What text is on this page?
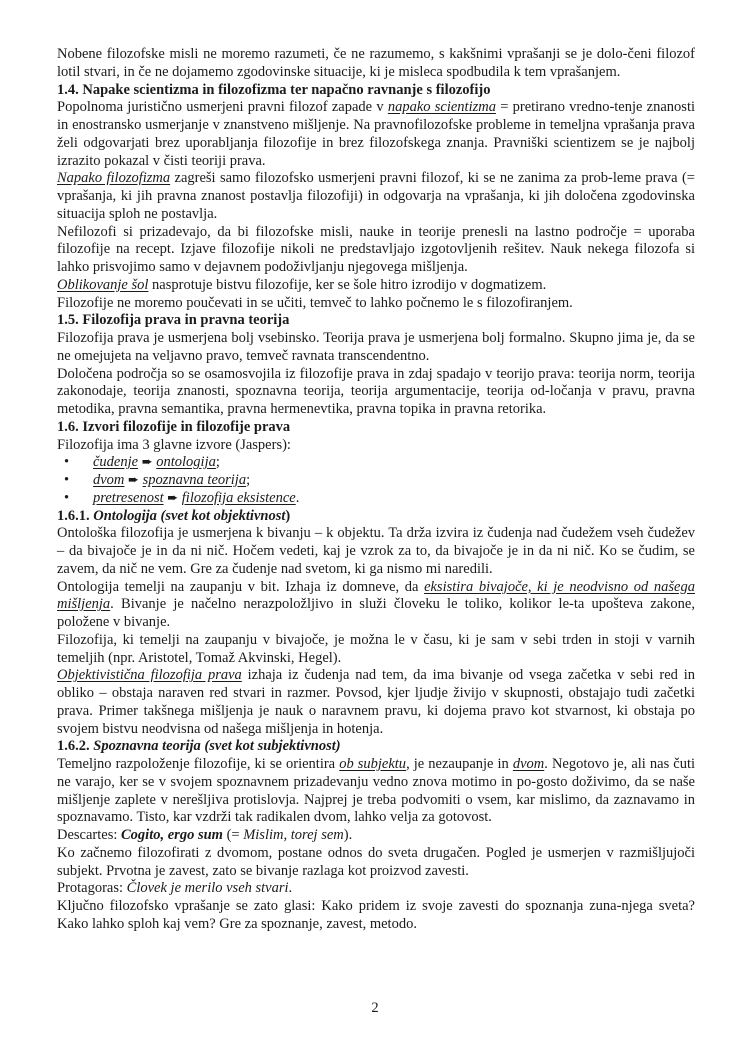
Nobene filozofske misli ne moremo razumeti, če ne razumemo, s kakšnimi vprašanji se je dolo-čeni filozof lotil stvari, in če ne dojamemo zgodovinske situacije, ki je misleca spodbudila k tem vprašanjem.

1.4. Napake scientizma in filozofizma ter napačno ravnanje s filozofijo

Popolnoma juristično usmerjeni pravni filozof zapade v napako scientizma = pretirano vredno-tenje znanosti in enostransko usmerjanje v znanstveno mišljenje. Na pravnofilozofske probleme in temeljna vprašanja prava želi odgovarjati brez uporabljanja filozofije in brez filozofskega znanja. Pravniški scientizem se je najbolj izrazito pokazal v čisti teoriji prava.

Napako filozofizma zagreši samo filozofsko usmerjeni pravni filozof, ki se ne zanima za prob-leme prava (= vprašanja, ki jih pravna znanost postavlja filozofiji) in odgovarja na vprašanja, ki jih določena zgodovinska situacija sploh ne postavlja.

Nefilozofi si prizadevajo, da bi filozofske misli, nauke in teorije prenesli na lastno področje = uporaba filozofije na recept. Izjave filozofije nikoli ne predstavljajo izgotovljenih rešitev. Nauk nekega filozofa si lahko prisvojimo samo v dejavnem podoživljanju njegovega mišljenja.

Oblikovanje šol nasprotuje bistvu filozofije, ker se šole hitro izrodijo v dogmatizem.

Filozofije ne moremo poučevati in se učiti, temveč to lahko počnemo le s filozofiranjem.

1.5. Filozofija prava in pravna teorija

Filozofija prava je usmerjena bolj vsebinsko. Teorija prava je usmerjena bolj formalno. Skupno jima je, da se ne omejujeta na veljavno pravo, temveč ravnata transcendentno.

Določena področja so se osamosvojila iz filozofije prava in zdaj spadajo v teorijo prava: teorija norm, teorija zakonodaje, teorija znanosti, spoznavna teorija, teorija argumentacije, teorija od-ločanja v pravu, pravna metodika, pravna semantika, pravna hermenevtika, pravna topika in pravna retorika.

1.6. Izvori filozofije in filozofije prava

Filozofija ima 3 glavne izvore (Jaspers):

• čudenje ➨ ontologija;
• dvom ➨ spoznavna teorija;
• pretresenost ➨ filozofija eksistence.

1.6.1. Ontologija (svet kot objektivnost)

Ontološka filozofija je usmerjena k bivanju – k objektu. Ta drža izvira iz čudenja nad čudežem vseh čudežev – da bivajoče je in da ni nič. Hočem vedeti, kaj je vzrok za to, da bivajoče je in da ni nič. Ko se čudim, se zavem, da nič ne vem. Gre za čudenje nad svetom, ki ga nismo mi naredili.

Ontologija temelji na zaupanju v bit. Izhaja iz domneve, da eksistira bivajoče, ki je neodvisno od našega mišljenja. Bivanje je načelno nerazpoložljivo in služi človeku le toliko, kolikor le-ta upošteva zakone, položene v bivanje.

Filozofija, ki temelji na zaupanju v bivajoče, je možna le v času, ki je sam v sebi trden in stoji v varnih temeljih (npr. Aristotel, Tomaž Akvinski, Hegel).

Objektivistična filozofija prava izhaja iz čudenja nad tem, da ima bivanje od vsega začetka v sebi red in obliko – obstaja naraven red stvari in razmer. Povsod, kjer ljudje živijo v skupnosti, obstajajo tudi začetki prava. Primer takšnega mišljenja je nauk o naravnem pravu, ki dojema pravo kot stvarnost, ki obstaja po svojem bistvu neodvisna od našega mišljenja in hotenja.

1.6.2. Spoznavna teorija (svet kot subjektivnost)

Temeljno razpoloženje filozofije, ki se orientira ob subjektu, je nezaupanje in dvom. Negotovo je, ali nas čuti ne varajo, ker se v svojem spoznavnem prizadevanju vedno znova motimo in po-gosto doživimo, da se naše mišljenje zaplete v nerešljiva protislovja. Najprej je treba podvomiti o vsem, kar mislimo, da zaznavamo in spoznavamo. Tisto, kar vzdrži tak radikalen dvom, lahko velja za gotovost.

Descartes: Cogito, ergo sum (= Mislim, torej sem).

Ko začnemo filozofirati z dvomom, postane odnos do sveta drugačen. Pogled je usmerjen v razmišljujoči subjekt. Prvotna je zavest, zato se bivanje razlaga kot proizvod zavesti.

Protagoras: Človek je merilo vseh stvari.

Ključno filozofsko vprašanje se zato glasi: Kako pridem iz svoje zavesti do spoznanja zuna-njega sveta? Kako lahko sploh kaj vem? Gre za spoznanje, zavest, metodo.

2
